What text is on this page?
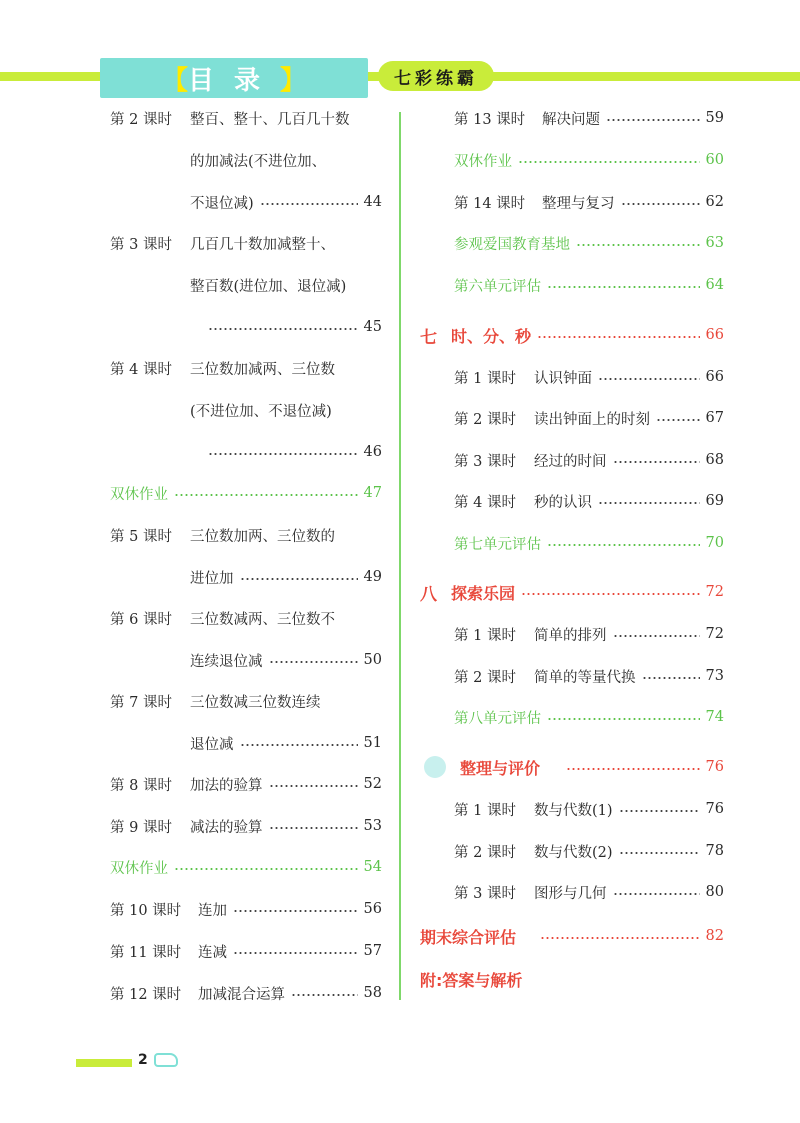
【 目录 】	七彩练霸
第 2 课时	整百、整十、几百几十数
的加减法(不进位加、
不退位减)	44
第 3 课时	几百几十数加减整十、
整百数(进位加、退位减)
45
第 4 课时	三位数加减两、三位数
(不进位加、不退位减)
46
双休作业	47
第 5 课时	三位数加两、三位数的
进位加	49
第 6 课时	三位数减两、三位数不
连续退位减	50
第 7 课时	三位数减三位数连续
退位减	51
第 8 课时	加法的验算	52
第 9 课时	减法的验算	53
双休作业	54
第 10 课时	连加	56
第 11 课时	连减	57
第 12 课时	加减混合运算	58
第 13 课时	解决问题	59
双休作业	60
第 14 课时	整理与复习	62
参观爱国教育基地	63
第六单元评估	64
七 时、分、秒	66
第 1 课时	认识钟面	66
第 2 课时	读出钟面上的时刻	67
第 3 课时	经过的时间	68
第 4 课时	秒的认识	69
第七单元评估	70
八 探索乐园	72
第 1 课时	简单的排列	72
第 2 课时	简单的等量代换	73
第八单元评估	74
整理与评价	76
第 1 课时	数与代数(1)	76
第 2 课时	数与代数(2)	78
第 3 课时	图形与几何	80
期末综合评估	82
附:答案与解析
2
